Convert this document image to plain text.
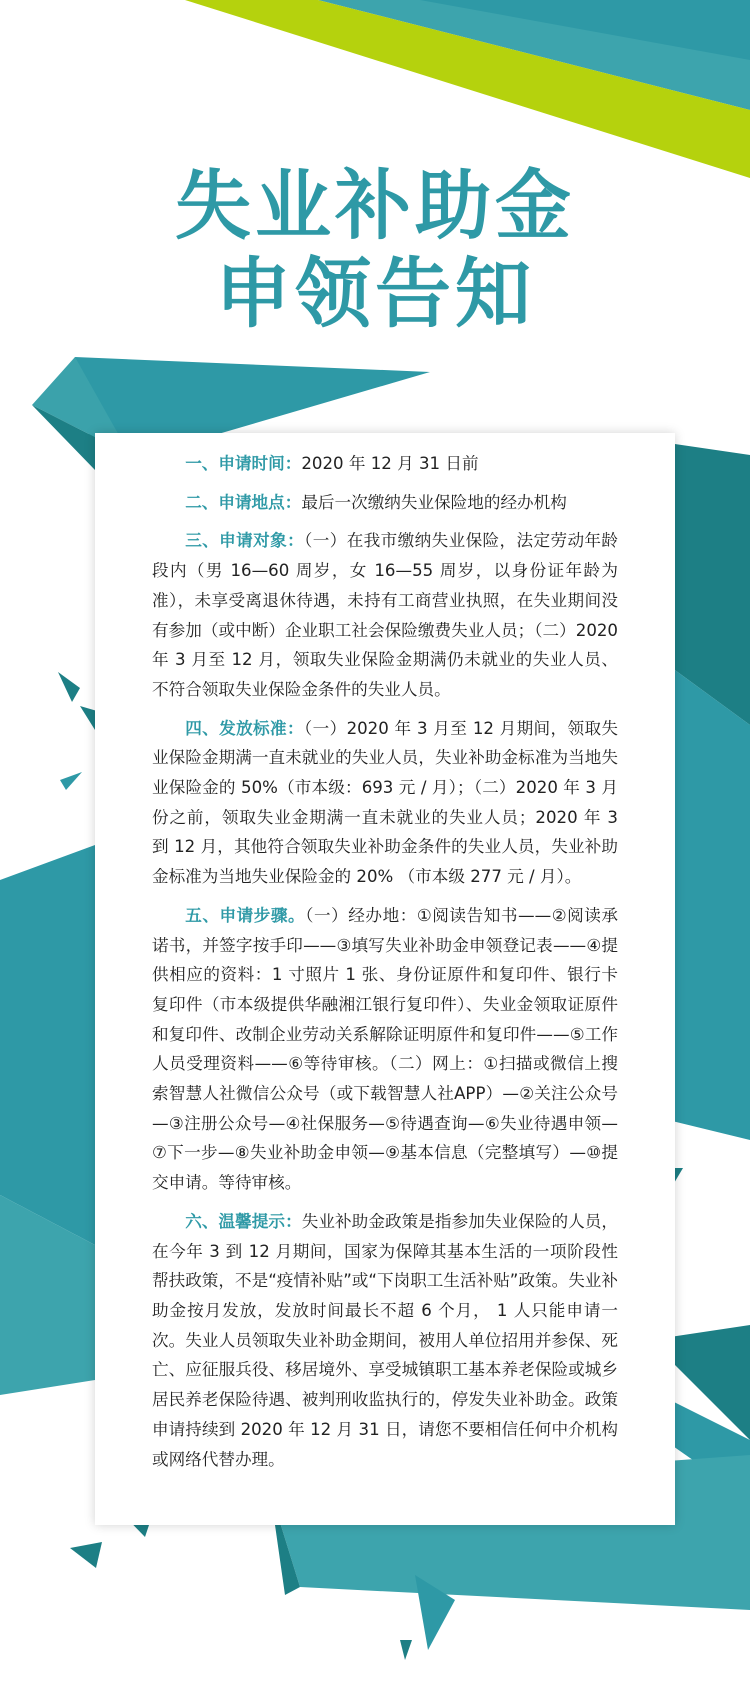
失业补助金
申领告知

一、申请时间：2020 年 12 月 31 日前

二、申请地点：最后一次缴纳失业保险地的经办机构

三、申请对象：（一）在我市缴纳失业保险，法定劳动年龄段内（男 16—60 周岁，女 16—55 周岁，以身份证年龄为准），未享受离退休待遇，未持有工商营业执照，在失业期间没有参加（或中断）企业职工社会保险缴费失业人员；（二）2020 年 3 月至 12 月，领取失业保险金期满仍未就业的失业人员、不符合领取失业保险金条件的失业人员。

四、发放标准：（一）2020 年 3 月至 12 月期间，领取失业保险金期满一直未就业的失业人员，失业补助金标准为当地失业保险金的 50%（市本级：693 元 / 月）；（二）2020 年 3 月份之前，领取失业金期满一直未就业的失业人员；2020 年 3 到 12 月，其他符合领取失业补助金条件的失业人员，失业补助金标准为当地失业保险金的 20% （市本级 277 元 / 月）。

五、申请步骤。（一）经办地：①阅读告知书——②阅读承诺书，并签字按手印——③填写失业补助金申领登记表——④提供相应的资料：1 寸照片 1 张、身份证原件和复印件、银行卡复印件（市本级提供华融湘江银行复印件）、失业金领取证原件和复印件、改制企业劳动关系解除证明原件和复印件——⑤工作人员受理资料——⑥等待审核。（二）网上：①扫描或微信上搜索智慧人社微信公众号（或下载智慧人社APP）—②关注公众号—③注册公众号—④社保服务—⑤待遇查询—⑥失业待遇申领—⑦下一步—⑧失业补助金申领—⑨基本信息（完整填写）—⑩提交申请。等待审核。

六、温馨提示：失业补助金政策是指参加失业保险的人员，在今年 3 到 12 月期间，国家为保障其基本生活的一项阶段性帮扶政策，不是“疫情补贴”或“下岗职工生活补贴”政策。失业补助金按月发放，发放时间最长不超 6 个月， 1 人只能申请一次。失业人员领取失业补助金期间，被用人单位招用并参保、死亡、应征服兵役、移居境外、享受城镇职工基本养老保险或城乡居民养老保险待遇、被判刑收监执行的，停发失业补助金。政策申请持续到 2020 年 12 月 31 日，请您不要相信任何中介机构或网络代替办理。
